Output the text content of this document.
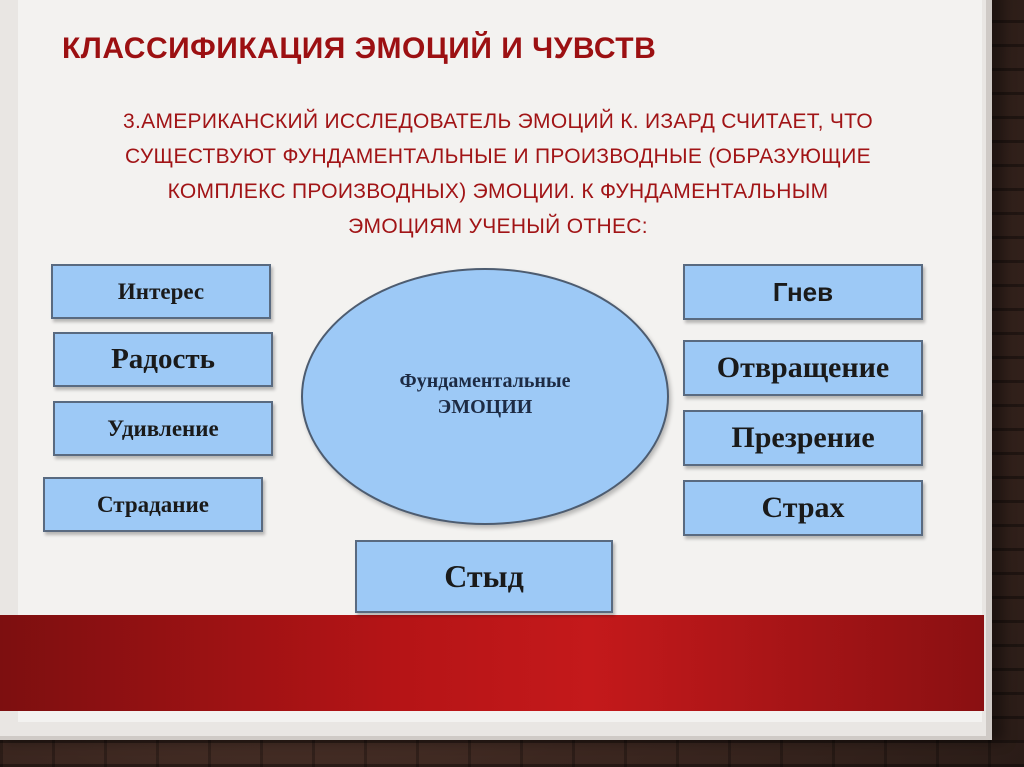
КЛАССИФИКАЦИЯ ЭМОЦИЙ И ЧУВСТВ
3.АМЕРИКАНСКИЙ ИССЛЕДОВАТЕЛЬ ЭМОЦИЙ К. ИЗАРД СЧИТАЕТ, ЧТО
СУЩЕСТВУЮТ ФУНДАМЕНТАЛЬНЫЕ И ПРОИЗВОДНЫЕ (ОБРАЗУЮЩИЕ
КОМПЛЕКС ПРОИЗВОДНЫХ) ЭМОЦИИ. К ФУНДАМЕНТАЛЬНЫМ
ЭМОЦИЯМ УЧЕНЫЙ ОТНЕС:
Фундаментальные
ЭМОЦИИ
Интерес
Радость
Удивление
Страдание
Гнев
Отвращение
Презрение
Страх
Стыд
